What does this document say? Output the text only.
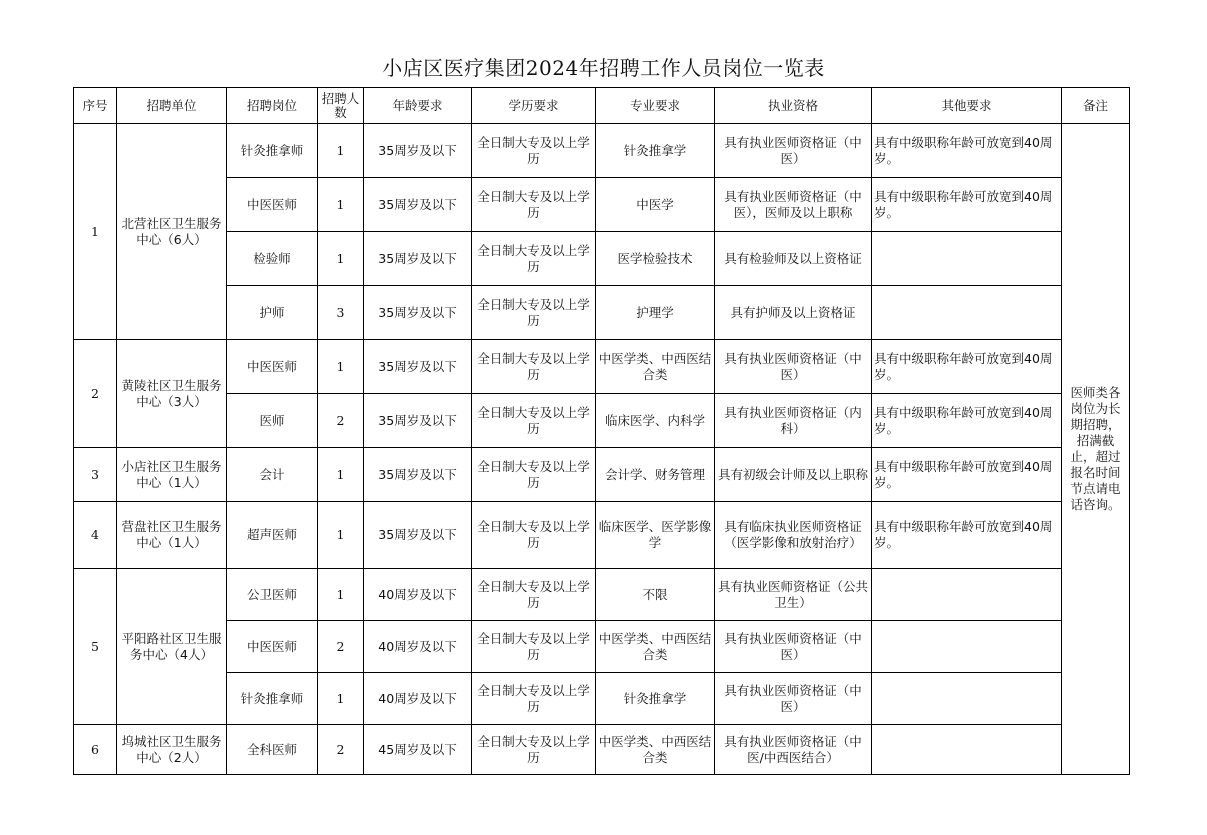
小店区医疗集团2024年招聘工作人员岗位一览表
序号	招聘单位	招聘岗位	招聘人数	年龄要求	学历要求	专业要求	执业资格	其他要求	备注
1	北营社区卫生服务中心（6人）	针灸推拿师	1	35周岁及以下	全日制大专及以上学历	针灸推拿学	具有执业医师资格证（中医）	具有中级职称年龄可放宽到40周岁。	医师类各岗位为长期招聘，招满截止，超过报名时间节点请电话咨询。
		中医医师	1	35周岁及以下	全日制大专及以上学历	中医学	具有执业医师资格证（中医），医师及以上职称	具有中级职称年龄可放宽到40周岁。	
		检验师	1	35周岁及以下	全日制大专及以上学历	医学检验技术	具有检验师及以上资格证		
		护师	3	35周岁及以下	全日制大专及以上学历	护理学	具有护师及以上资格证		
2	黄陵社区卫生服务中心（3人）	中医医师	1	35周岁及以下	全日制大专及以上学历	中医学类、中西医结合类	具有执业医师资格证（中医）	具有中级职称年龄可放宽到40周岁。	
		医师	2	35周岁及以下	全日制大专及以上学历	临床医学、内科学	具有执业医师资格证（内科）	具有中级职称年龄可放宽到40周岁。	
3	小店社区卫生服务中心（1人）	会计	1	35周岁及以下	全日制大专及以上学历	会计学、财务管理	具有初级会计师及以上职称	具有中级职称年龄可放宽到40周岁。	
4	营盘社区卫生服务中心（1人）	超声医师	1	35周岁及以下	全日制大专及以上学历	临床医学、医学影像学	具有临床执业医师资格证（医学影像和放射治疗）	具有中级职称年龄可放宽到40周岁。	
5	平阳路社区卫生服务中心（4人）	公卫医师	1	40周岁及以下	全日制大专及以上学历	不限	具有执业医师资格证（公共卫生）		
		中医医师	2	40周岁及以下	全日制大专及以上学历	中医学类、中西医结合类	具有执业医师资格证（中医）		
		针灸推拿师	1	40周岁及以下	全日制大专及以上学历	针灸推拿学	具有执业医师资格证（中医）		
6	坞城社区卫生服务中心（2人）	全科医师	2	45周岁及以下	全日制大专及以上学历	中医学类、中西医结合类	具有执业医师资格证（中医/中西医结合）		
